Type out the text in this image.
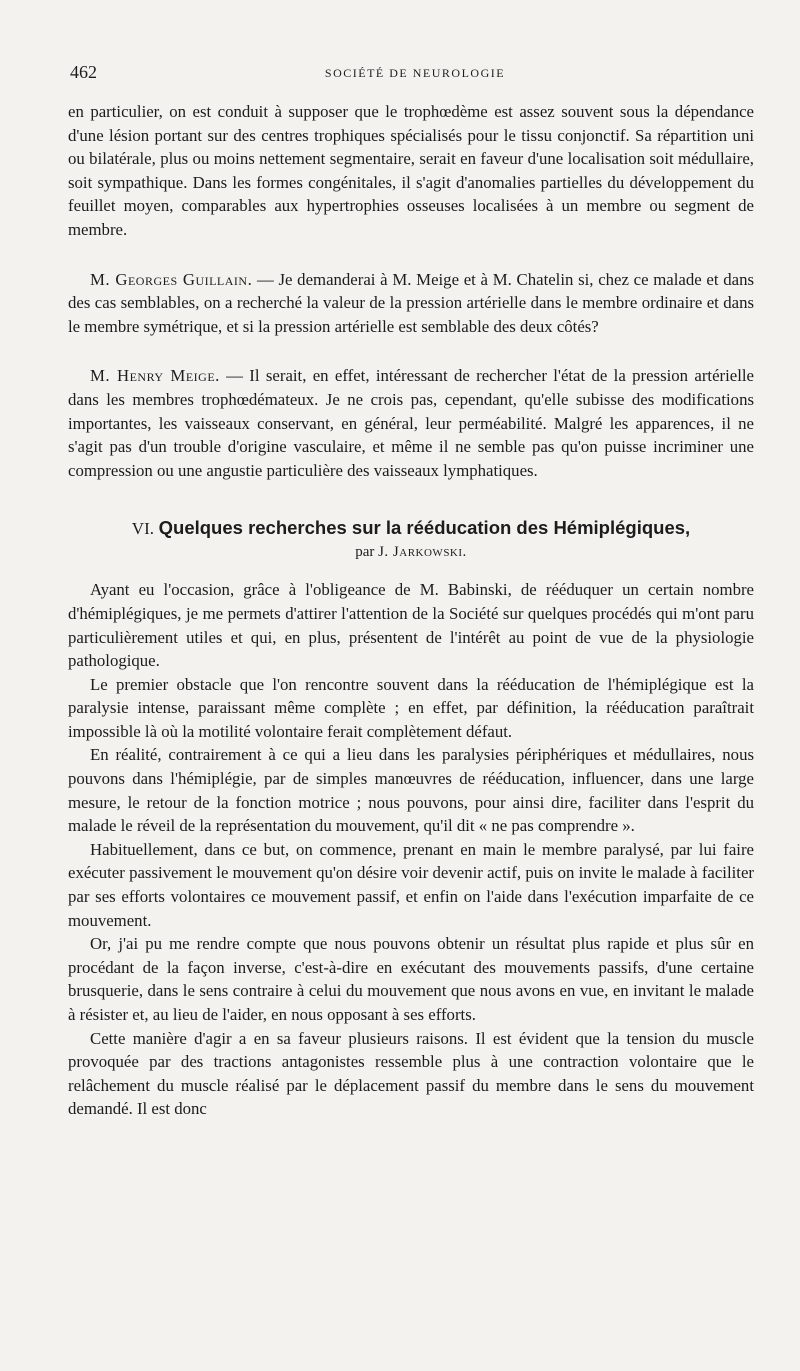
462	SOCIÉTÉ DE NEUROLOGIE

en particulier, on est conduit à supposer que le trophœdème est assez souvent sous la dépendance d'une lésion portant sur des centres trophiques spécialisés pour le tissu conjonctif. Sa répartition uni ou bilatérale, plus ou moins nettement segmentaire, serait en faveur d'une localisation soit médullaire, soit sympathique. Dans les formes congénitales, il s'agit d'anomalies partielles du développement du feuillet moyen, comparables aux hypertrophies osseuses localisées à un membre ou segment de membre.

M. Georges Guillain. — Je demanderai à M. Meige et à M. Chatelin si, chez ce malade et dans des cas semblables, on a recherché la valeur de la pression artérielle dans le membre ordinaire et dans le membre symétrique, et si la pression artérielle est semblable des deux côtés?

M. Henry Meige. — Il serait, en effet, intéressant de rechercher l'état de la pression artérielle dans les membres trophœdémateux. Je ne crois pas, cependant, qu'elle subisse des modifications importantes, les vaisseaux conservant, en général, leur perméabilité. Malgré les apparences, il ne s'agit pas d'un trouble d'origine vasculaire, et même il ne semble pas qu'on puisse incriminer une compression ou une angustie particulière des vaisseaux lymphatiques.

VI. Quelques recherches sur la rééducation des Hémiplégiques,
par J. Jarkowski.

Ayant eu l'occasion, grâce à l'obligeance de M. Babinski, de rééduquer un certain nombre d'hémiplégiques, je me permets d'attirer l'attention de la Société sur quelques procédés qui m'ont paru particulièrement utiles et qui, en plus, présentent de l'intérêt au point de vue de la physiologie pathologique.

Le premier obstacle que l'on rencontre souvent dans la rééducation de l'hémiplégique est la paralysie intense, paraissant même complète ; en effet, par définition, la rééducation paraîtrait impossible là où la motilité volontaire ferait complètement défaut.

En réalité, contrairement à ce qui a lieu dans les paralysies périphériques et médullaires, nous pouvons dans l'hémiplégie, par de simples manœuvres de rééducation, influencer, dans une large mesure, le retour de la fonction motrice ; nous pouvons, pour ainsi dire, faciliter dans l'esprit du malade le réveil de la représentation du mouvement, qu'il dit « ne pas comprendre ».

Habituellement, dans ce but, on commence, prenant en main le membre paralysé, par lui faire exécuter passivement le mouvement qu'on désire voir devenir actif, puis on invite le malade à faciliter par ses efforts volontaires ce mouvement passif, et enfin on l'aide dans l'exécution imparfaite de ce mouvement.

Or, j'ai pu me rendre compte que nous pouvons obtenir un résultat plus rapide et plus sûr en procédant de la façon inverse, c'est-à-dire en exécutant des mouvements passifs, d'une certaine brusquerie, dans le sens contraire à celui du mouvement que nous avons en vue, en invitant le malade à résister et, au lieu de l'aider, en nous opposant à ses efforts.

Cette manière d'agir a en sa faveur plusieurs raisons. Il est évident que la tension du muscle provoquée par des tractions antagonistes ressemble plus à une contraction volontaire que le relâchement du muscle réalisé par le déplacement passif du membre dans le sens du mouvement demandé. Il est donc
